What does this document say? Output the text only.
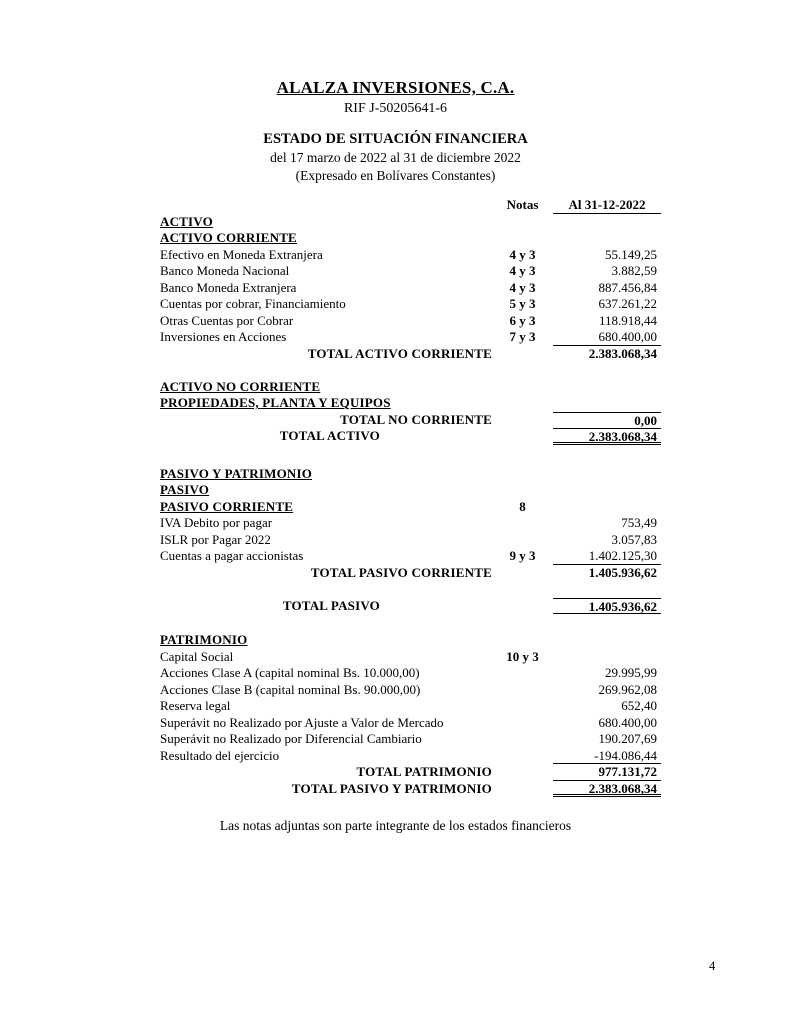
ALALZA INVERSIONES, C.A.
RIF J-50205641-6
ESTADO DE SITUACIÓN FINANCIERA
del 17 marzo de 2022 al 31 de diciembre 2022
(Expresado en Bolívares Constantes)
Notas	Al 31-12-2022
ACTIVO
ACTIVO CORRIENTE
Efectivo en Moneda Extranjera	4 y 3	55.149,25
Banco Moneda Nacional	4 y 3	3.882,59
Banco Moneda Extranjera	4 y 3	887.456,84
Cuentas por cobrar, Financiamiento	5 y 3	637.261,22
Otras Cuentas por Cobrar	6 y 3	118.918,44
Inversiones en Acciones	7 y 3	680.400,00
TOTAL ACTIVO CORRIENTE	2.383.068,34
ACTIVO NO CORRIENTE
PROPIEDADES, PLANTA Y EQUIPOS
TOTAL NO CORRIENTE	0,00
TOTAL ACTIVO	2.383.068,34
PASIVO Y PATRIMONIO
PASIVO
PASIVO CORRIENTE	8
IVA Debito por pagar	753,49
ISLR por Pagar 2022	3.057,83
Cuentas a pagar accionistas	9 y 3	1.402.125,30
TOTAL PASIVO CORRIENTE	1.405.936,62
TOTAL PASIVO	1.405.936,62
PATRIMONIO
Capital Social	10 y 3
Acciones Clase A (capital nominal Bs. 10.000,00)	29.995,99
Acciones Clase B (capital nominal Bs. 90.000,00)	269.962,08
Reserva legal	652,40
Superávit no Realizado por Ajuste a Valor de Mercado	680.400,00
Superávit no Realizado por Diferencial Cambiario	190.207,69
Resultado del ejercicio	-194.086,44
TOTAL PATRIMONIO	977.131,72
TOTAL PASIVO Y PATRIMONIO	2.383.068,34
Las notas adjuntas son parte integrante de los estados financieros
4
